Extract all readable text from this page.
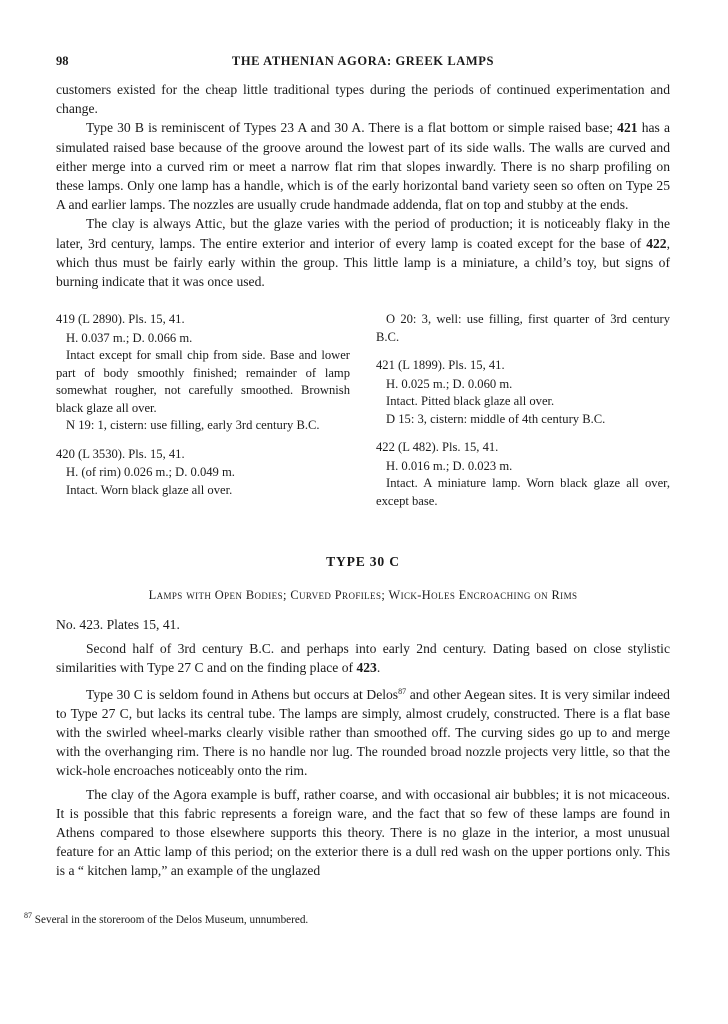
98	THE ATHENIAN AGORA: GREEK LAMPS

customers existed for the cheap little traditional types during the periods of continued experimentation and change.

Type 30 B is reminiscent of Types 23 A and 30 A. There is a flat bottom or simple raised base; 421 has a simulated raised base because of the groove around the lowest part of its side walls. The walls are curved and either merge into a curved rim or meet a narrow flat rim that slopes inwardly. There is no sharp profiling on these lamps. Only one lamp has a handle, which is of the early horizontal band variety seen so often on Type 25 A and earlier lamps. The nozzles are usually crude handmade addenda, flat on top and stubby at the ends.

The clay is always Attic, but the glaze varies with the period of production; it is noticeably flaky in the later, 3rd century, lamps. The entire exterior and interior of every lamp is coated except for the base of 422, which thus must be fairly early within the group. This little lamp is a miniature, a child’s toy, but signs of burning indicate that it was once used.

419 (L 2890). Pls. 15, 41.

H. 0.037 m.; D. 0.066 m.

Intact except for small chip from side. Base and lower part of body smoothly finished; remainder of lamp somewhat rougher, not carefully smoothed. Brownish black glaze all over.

N 19: 1, cistern: use filling, early 3rd century B.C.

420 (L 3530). Pls. 15, 41.

H. (of rim) 0.026 m.; D. 0.049 m.

Intact. Worn black glaze all over.

O 20: 3, well: use filling, first quarter of 3rd century B.C.

421 (L 1899). Pls. 15, 41.

H. 0.025 m.; D. 0.060 m.

Intact. Pitted black glaze all over.

D 15: 3, cistern: middle of 4th century B.C.

422 (L 482). Pls. 15, 41.

H. 0.016 m.; D. 0.023 m.

Intact. A miniature lamp. Worn black glaze all over, except base.

TYPE 30 C
Lamps with Open Bodies; Curved Profiles; Wick-Holes Encroaching on Rims
No. 423. Plates 15, 41.

Second half of 3rd century B.C. and perhaps into early 2nd century. Dating based on close stylistic similarities with Type 27 C and on the finding place of 423.

Type 30 C is seldom found in Athens but occurs at Delos$^{87}$ and other Aegean sites. It is very similar indeed to Type 27 C, but lacks its central tube. The lamps are simply, almost crudely, constructed. There is a flat base with the swirled wheel-marks clearly visible rather than smoothed off. The curving sides go up to and merge with the overhanging rim. There is no handle nor lug. The rounded broad nozzle projects very little, so that the wick-hole encroaches noticeably onto the rim.

The clay of the Agora example is buff, rather coarse, and with occasional air bubbles; it is not micaceous. It is possible that this fabric represents a foreign ware, and the fact that so few of these lamps are found in Athens compared to those elsewhere supports this theory. There is no glaze in the interior, a most unusual feature for an Attic lamp of this period; on the exterior there is a dull red wash on the upper portions only. This is a “ kitchen lamp,” an example of the unglazed

$^{87}$ Several in the storeroom of the Delos Museum, unnumbered.
